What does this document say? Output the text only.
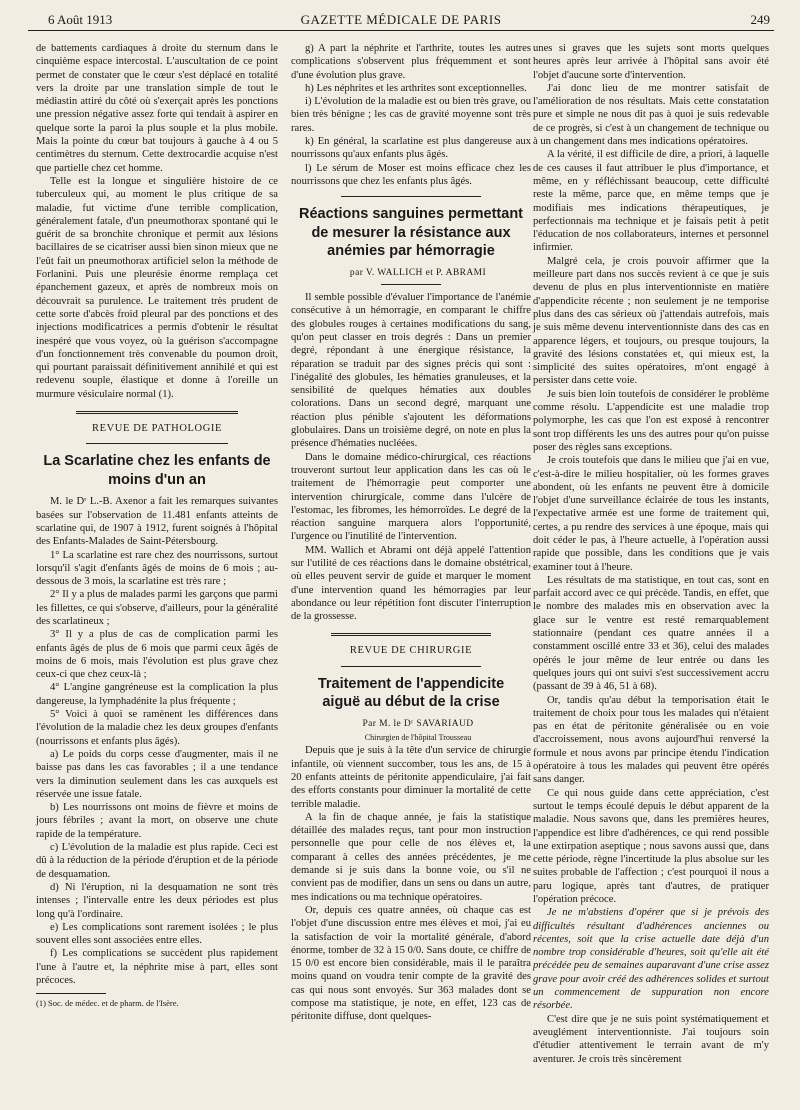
6 Août 1913	GAZETTE MÉDICALE DE PARIS	249

de battements cardiaques à droite du sternum dans le cinquième espace intercostal. L'auscultation de ce point permet de constater que le cœur s'est déplacé en totalité vers la droite par une translation simple de tout le médiastin attiré du côté où s'exerçait après les ponctions une pression négative assez forte qui tendait à aspirer en quelque sorte la paroi la plus souple et la plus mobile. Mais la pointe du cœur bat toujours à gauche à 4 ou 5 centimètres du sternum. Cette dextrocardie acquise n'est que partielle chez cet homme.

Telle est la longue et singulière histoire de ce tuberculeux qui, au moment le plus critique de sa maladie, fut victime d'une terrible complication, généralement fatale, d'un pneumothorax spontané qui le guérit de sa bronchite chronique et permit aux lésions bacillaires de se cicatriser aussi bien sinon mieux que ne l'eût fait un pneumothorax artificiel selon la méthode de Forlanini. Puis une pleurésie énorme remplaça cet épanchement gazeux, et après de nombreux mois on découvrait sa purulence. Le traitement très prudent de cette sorte d'abcès froid pleural par des ponctions et des injections modificatrices a permis d'obtenir le résultat inespéré que vous voyez, où la guérison s'accompagne d'un fonctionnement très convenable du poumon droit, qui pourtant paraissait définitivement annihilé et qui est redevenu souple, élastique et donne à l'oreille un murmure vésiculaire normal (1).

REVUE DE PATHOLOGIE

La Scarlatine chez les enfants de moins d'un an

M. le Dʳ L.-B. Axenor a fait les remarques suivantes basées sur l'observation de 11.481 enfants atteints de scarlatine qui, de 1907 à 1912, furent soignés à l'hôpital des Enfants-Malades de Saint-Pétersbourg.

1° La scarlatine est rare chez des nourrissons, surtout lorsqu'il s'agit d'enfants âgés de moins de 6 mois ; au-dessous de 3 mois, la scarlatine est très rare ;

2° Il y a plus de malades parmi les garçons que parmi les fillettes, ce qui s'observe, d'ailleurs, pour la généralité des scarlatineux ;

3° Il y a plus de cas de complication parmi les enfants âgés de plus de 6 mois que parmi ceux âgés de moins de 6 mois, mais l'évolution est plus grave chez ceux-ci que chez ceux-là ;

4° L'angine gangréneuse est la complication la plus dangereuse, la lymphadénite la plus fréquente ;

5° Voici à quoi se ramènent les différences dans l'évolution de la maladie chez les deux groupes d'enfants (nourrissons et enfants plus âgés).

a) Le poids du corps cesse d'augmenter, mais il ne baisse pas dans les cas favorables ; il a une tendance vers la diminution seulement dans les cas auxquels est réservée une issue fatale.

b) Les nourrissons ont moins de fièvre et moins de jours fébriles ; avant la mort, on observe une chute rapide de la température.

c) L'évolution de la maladie est plus rapide. Ceci est dû à la réduction de la période d'éruption et de la période de desquamation.

d) Ni l'éruption, ni la desquamation ne sont très intenses ; l'intervalle entre les deux périodes est plus long qu'à l'ordinaire.

e) Les complications sont rarement isolées ; le plus souvent elles sont associées entre elles.

f) Les complications se succèdent plus rapidement l'une à l'autre et, la néphrite mise à part, elles sont précoces.

(1) Soc. de médec. et de pharm. de l'Isère.

g) A part la néphrite et l'arthrite, toutes les autres complications s'observent plus fréquemment et sont d'une évolution plus grave.

h) Les néphrites et les arthrites sont exceptionnelles.

i) L'évolution de la maladie est ou bien très grave, ou bien très bénigne ; les cas de gravité moyenne sont très rares.

k) En général, la scarlatine est plus dangereuse aux nourrissons qu'aux enfants plus âgés.

l) Le sérum de Moser est moins efficace chez les nourrissons que chez les enfants plus âgés.

Réactions sanguines permettant de mesurer la résistance aux anémies par hémorragie

par V. WALLICH et P. ABRAMI

Il semble possible d'évaluer l'importance de l'anémie consécutive à un hémorragie, en comparant le chiffre des globules rouges à certaines modifications du sang, qu'on peut classer en trois degrés : Dans un premier degré, répondant à une énergique résistance, la réparation se traduit par des signes précis qui sont : l'inégalité des globules, les hématies granuleuses, et la sensibilité de quelques hématies aux doubles colorations. Dans un second degré, marquant une réaction plus pénible s'ajoutent les déformations globulaires. Dans un troisième degré, on note en plus la présence d'hématies nucléées.

Dans le domaine médico-chirurgical, ces réactions trouveront surtout leur application dans les cas où le traitement de l'hémorragie peut comporter une intervention chirurgicale, comme dans l'ulcère de l'estomac, les fibromes, les hémorroïdes. Le degré de la réaction sanguine marquera alors l'opportunité, l'urgence ou l'inutilité de l'intervention.

MM. Wallich et Abrami ont déjà appelé l'attention sur l'utilité de ces réactions dans le domaine obstétrical, où elles peuvent servir de guide et marquer le moment d'une intervention quand les hémorragies par leur abondance ou leur répétition font discuter l'interruption de la grossesse.

REVUE DE CHIRURGIE

Traitement de l'appendicite aiguë au début de la crise

Par M. le Dʳ SAVARIAUD

Chirurgien de l'hôpital Trousseau

Depuis que je suis à la tête d'un service de chirurgie infantile, où viennent succomber, tous les ans, de 15 à 20 enfants atteints de péritonite appendiculaire, j'ai fait des efforts constants pour diminuer la mortalité de cette terrible maladie.

A la fin de chaque année, je fais la statistique détaillée des malades reçus, tant pour mon instruction personnelle que pour celle de nos élèves et, la comparant à celles des années précédentes, je me demande si je suis dans la bonne voie, ou s'il ne convient pas de modifier, dans un sens ou dans un autre, mes indications ou ma technique opératoires.

Or, depuis ces quatre années, où chaque cas est l'objet d'une discussion entre mes élèves et moi, j'ai eu la satisfaction de voir la mortalité générale, d'abord énorme, tomber de 32 à 15 0/0. Sans doute, ce chiffre de 15 0/0 est encore bien considérable, mais il le paraîtra moins quand on voudra tenir compte de la gravité des cas qui nous sont envoyés. Sur 363 malades dont se compose ma statistique, je note, en effet, 123 cas de péritonite diffuse, dont quelques-

unes si graves que les sujets sont morts quelques heures après leur arrivée à l'hôpital sans avoir été l'objet d'aucune sorte d'intervention.

J'ai donc lieu de me montrer satisfait de l'amélioration de nos résultats. Mais cette constatation pure et simple ne nous dit pas à quoi je suis redevable de ce progrès, si c'est à un changement de technique ou à un changement dans mes indications opératoires.

A la vérité, il est difficile de dire, a priori, à laquelle de ces causes il faut attribuer le plus d'importance, et même, en y réfléchissant beaucoup, cette difficulté reste la même, parce que, en même temps que je modifiais mes indications thérapeutiques, je perfectionnais ma technique et je faisais petit à petit l'éducation de nos collaborateurs, internes et personnel infirmier.

Malgré cela, je crois pouvoir affirmer que la meilleure part dans nos succès revient à ce que je suis devenu de plus en plus interventionniste en matière d'appendicite récente ; non seulement je ne temporise plus dans des cas sérieux où j'attendais autrefois, mais je suis même devenu interventionniste dans des cas en apparence légers, et toujours, ou presque toujours, la gravité des lésions constatées et, qui mieux est, la simplicité des suites opératoires, m'ont engagé à persister dans cette voie.

Je suis bien loin toutefois de considérer le problème comme résolu. L'appendicite est une maladie trop polymorphe, les cas que l'on est exposé à rencontrer sont trop différents les uns des autres pour qu'on puisse poser des règles sans exceptions.

Je crois toutefois que dans le milieu que j'ai en vue, c'est-à-dire le milieu hospitalier, où les formes graves abondent, où les enfants ne peuvent être à domicile l'objet d'une surveillance éclairée de tous les instants, l'expectative armée est une forme de traitement qui, certes, a pu rendre des services à une époque, mais qui doit céder le pas, à l'heure actuelle, à l'opération aussi rapide que possible, dans les conditions que je vais examiner tout à l'heure.

Les résultats de ma statistique, en tout cas, sont en parfait accord avec ce qui précède. Tandis, en effet, que le nombre des malades mis en observation avec la glace sur le ventre est resté remarquablement stationnaire (pendant ces quatre années il a constamment oscillé entre 33 et 36), celui des malades opérés le jour même de leur entrée ou dans les quelques jours qui ont suivi s'est successivement accru (passant de 39 à 46, 51 à 68).

Or, tandis qu'au début la temporisation était le traitement de choix pour tous les malades qui n'étaient pas en état de péritonite généralisée ou en voie d'accroissement, nous avons aujourd'hui renversé la formule et nous avons par principe étendu l'indication opératoire à tous les malades qui peuvent être opérés sans danger.

Ce qui nous guide dans cette appréciation, c'est surtout le temps écoulé depuis le début apparent de la maladie. Nous savons que, dans les premières heures, l'appendice est libre d'adhérences, ce qui rend possible une extirpation aseptique ; nous savons aussi que, dans cette période, règne l'incertitude la plus absolue sur les suites probable de l'affection ; c'est pourquoi il nous a paru logique, après tant d'autres, de pratiquer l'opération précoce.

Je ne m'abstiens d'opérer que si je prévois des difficultés résultant d'adhérences anciennes ou récentes, soit que la crise actuelle date déjà d'un nombre trop considérable d'heures, soit qu'elle ait été précédée peu de semaines auparavant d'une crise assez grave pour avoir créé des adhérences solides et surtout un commencement de suppuration non encore résorbée.

C'est dire que je ne suis point systématiquement et aveuglément interventionniste. J'ai toujours soin d'étudier attentivement le terrain avant de m'y aventurer. Je crois très sincèrement
